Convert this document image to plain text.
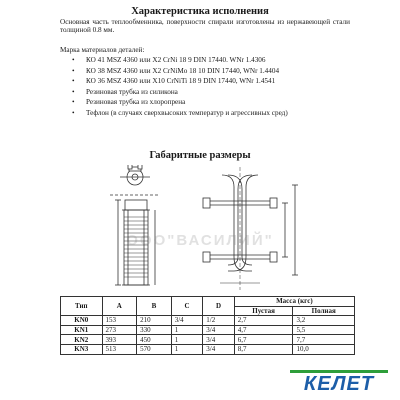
Характеристика исполнения

Основная часть теплообменника, поверхности спирали изготовлены из нержавеющей стали толщиной 0.8 мм.

Марка материалов деталей:

• КО 41 MSZ 4360 или X2 CrNi 18 9 DIN 17440. WNr 1.4306
• КО 38 MSZ 4360 или X2 CrNiMo 18 10 DIN 17440, WNr 1.4404
• КО 36 MSZ 4360 или X10 CrNiTi 18 9 DIN 17440, WNr 1.4541
• Резиновая трубка из силикона
• Резиновая трубка из хлоропрена
• Тефлон (в случаях сверхвысоких температур и агрессивных сред)
Габаритные размеры
ООО"ВАСИЛИЙ"
Тип	A	B	C	D	Масса (кгс)	
					Пустая	Полная
KN0	153	210	3/4	1/2	2,7	3,2
KN1	273	330	1	3/4	4,7	5,5
KN2	393	450	1	3/4	6,7	7,7
KN3	513	570	1	3/4	8,7	10,0
КЕЛЕТ
